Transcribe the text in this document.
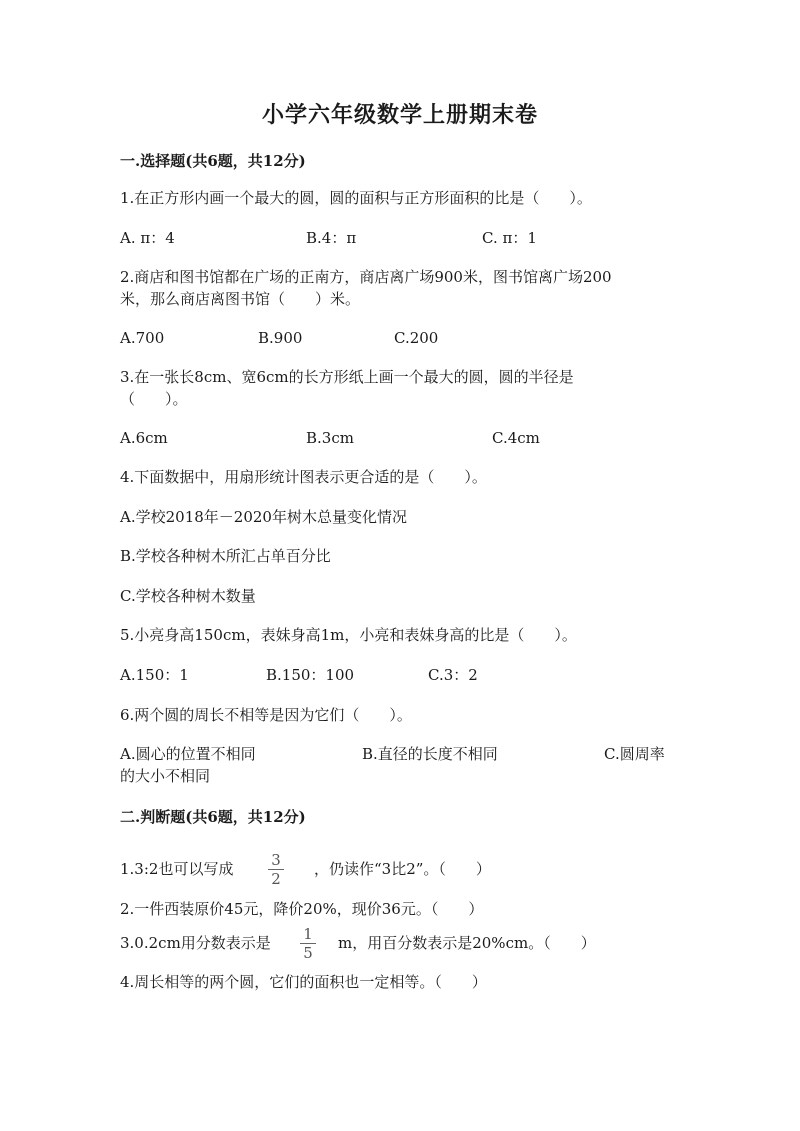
小学六年级数学上册期末卷
一.选择题(共6题，共12分)
1.在正方形内画一个最大的圆，圆的面积与正方形面积的比是（　　）。
A. π：4	B.4：π	C. π：1
2.商店和图书馆都在广场的正南方，商店离广场900米，图书馆离广场200
米，那么商店离图书馆（　　）米。
A.700	B.900	C.200
3.在一张长8cm、宽6cm的长方形纸上画一个最大的圆，圆的半径是
（　　）。
A.6cm	B.3cm	C.4cm
4.下面数据中，用扇形统计图表示更合适的是（　　）。
A.学校2018年－2020年树木总量变化情况
B.学校各种树木所汇占单百分比
C.学校各种树木数量
5.小亮身高150cm，表妹身高1m，小亮和表妹身高的比是（　　）。
A.150：1	B.150：100	C.3：2
6.两个圆的周长不相等是因为它们（　　）。
A.圆心的位置不相同	B.直径的长度不相同	C.圆周率
的大小不相同
二.判断题(共6题，共12分)
1.3:2也可以写成	3
2
，仍读作“3比2”。（　　）
2.一件西装原价45元，降价20%，现价36元。（　　）
3.0.2cm用分数表示是	1
5
m，用百分数表示是20%cm。（　　）
4.周长相等的两个圆，它们的面积也一定相等。（　　）
